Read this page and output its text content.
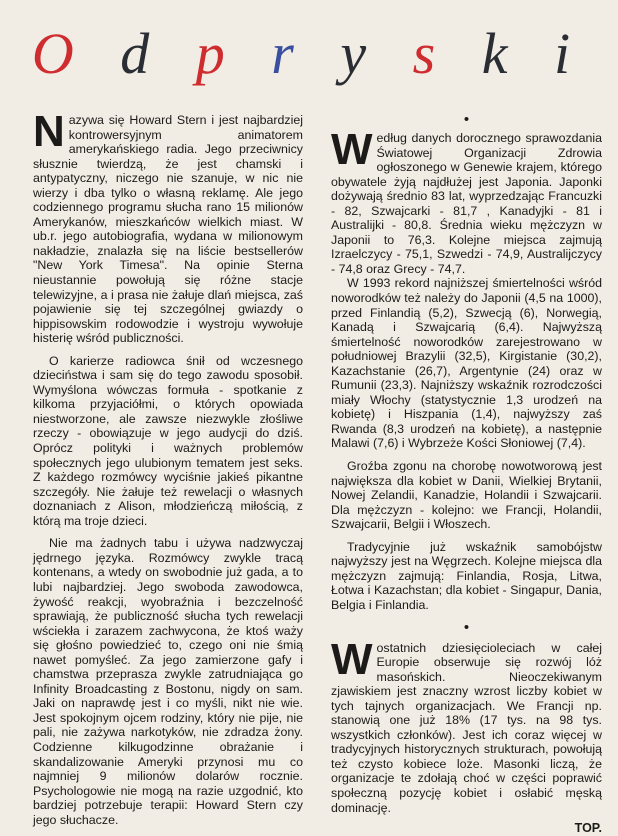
O d p r y s k i

Nazywa się Howard Stern i jest najbardziej kontrowersyjnym animatorem amerykańskiego radia. Jego przeciwnicy słusznie twierdzą, że jest chamski i antypatyczny, niczego nie szanuje, w nic nie wierzy i dba tylko o własną reklamę. Ale jego codziennego programu słucha rano 15 milionów Amerykanów, mieszkańców wielkich miast. W ub.r. jego autobiografia, wydana w milionowym nakładzie, znalazła się na liście bestsellerów "New York Timesa". Na opinie Sterna nieustannie powołują się różne stacje telewizyjne, a i prasa nie żałuje dlań miejsca, zaś pojawienie się tej szczególnej gwiazdy o hippisowskim rodowodzie i wystroju wywołuje histerię wśród publiczności.

O karierze radiowca śnił od wczesnego dzieciństwa i sam się do tego zawodu sposobił. Wymyślona wówczas formuła - spotkanie z kilkoma przyjaciółmi, o których opowiada niestworzone, ale zawsze niezwykle złośliwe rzeczy - obowiązuje w jego audycji do dziś. Oprócz polityki i ważnych problemów społecznych jego ulubionym tematem jest seks. Z każdego rozmówcy wyciśnie jakieś pikantne szczegóły. Nie żałuje też rewelacji o własnych doznaniach z Alison, młodzieńczą miłością, z którą ma troje dzieci.

Nie ma żadnych tabu i używa nadzwyczaj jędrnego języka. Rozmówcy zwykle tracą kontenans, a wtedy on swobodnie już gada, a to lubi najbardziej. Jego swoboda zawodowca, żywość reakcji, wyobraźnia i bezczelność sprawiają, że publiczność słucha tych rewelacji wściekła i zarazem zachwycona, że ktoś waży się głośno powiedzieć to, czego oni nie śmią nawet pomyśleć. Za jego zamierzone gafy i chamstwa przeprasza zwykle zatrudniająca go Infinity Broadcasting z Bostonu, nigdy on sam. Jaki on naprawdę jest i co myśli, nikt nie wie. Jest spokojnym ojcem rodziny, który nie pije, nie pali, nie zażywa narkotyków, nie zdradza żony. Codzienne kilkugodzinne obrażanie i skandalizowanie Ameryki przynosi mu co najmniej 9 milionów dolarów rocznie. Psychologowie nie mogą na razie uzgodnić, kto bardziej potrzebuje terapii: Howard Stern czy jego słuchacze.

•

Według danych dorocznego sprawozdania Światowej Organizacji Zdrowia ogłoszonego w Genewie krajem, którego obywatele żyją najdłużej jest Japonia. Japonki dożywają średnio 83 lat, wyprzedzając Francuzki - 82, Szwajcarki - 81,7 , Kanadyjki - 81 i Australijki - 80,8. Średnia wieku mężczyzn w Japonii to 76,3. Kolejne miejsca zajmują Izraelczycy - 75,1, Szwedzi - 74,9, Australijczycy - 74,8 oraz Grecy - 74,7.

W 1993 rekord najniższej śmiertelności wśród noworodków też należy do Japonii (4,5 na 1000), przed Finlandią (5,2), Szwecją (6), Norwegią, Kanadą i Szwajcarią (6,4). Najwyższą śmiertelność noworodków zarejestrowano w południowej Brazylii (32,5), Kirgistanie (30,2), Kazachstanie (26,7), Argentynie (24) oraz w Rumunii (23,3). Najniższy wskaźnik rozrodczości miały Włochy (statystycznie 1,3 urodzeń na kobietę) i Hiszpania (1,4), najwyższy zaś Rwanda (8,3 urodzeń na kobietę), a następnie Malawi (7,6) i Wybrzeże Kości Słoniowej (7,4).

Groźba zgonu na chorobę nowotworową jest największa dla kobiet w Danii, Wielkiej Brytanii, Nowej Zelandii, Kanadzie, Holandii i Szwajcarii. Dla mężczyzn - kolejno: we Francji, Holandii, Szwajcarii, Belgii i Włoszech.

Tradycyjnie już wskaźnik samobójstw najwyższy jest na Węgrzech. Kolejne miejsca dla mężczyzn zajmują: Finlandia, Rosja, Litwa, Łotwa i Kazachstan; dla kobiet - Singapur, Dania, Belgia i Finlandia.

•

Wostatnich dziesięcioleciach w całej Europie obserwuje się rozwój lóż masońskich. Nieoczekiwanym zjawiskiem jest znaczny wzrost liczby kobiet w tych tajnych organizacjach. We Francji np. stanowią one już 18% (17 tys. na 98 tys. wszystkich członków). Jest ich coraz więcej w tradycyjnych historycznych strukturach, powołują też czysto kobiece loże. Masonki liczą, że organizacje te zdołają choć w części poprawić społeczną pozycję kobiet i osłabić męską dominację.

TOP.
